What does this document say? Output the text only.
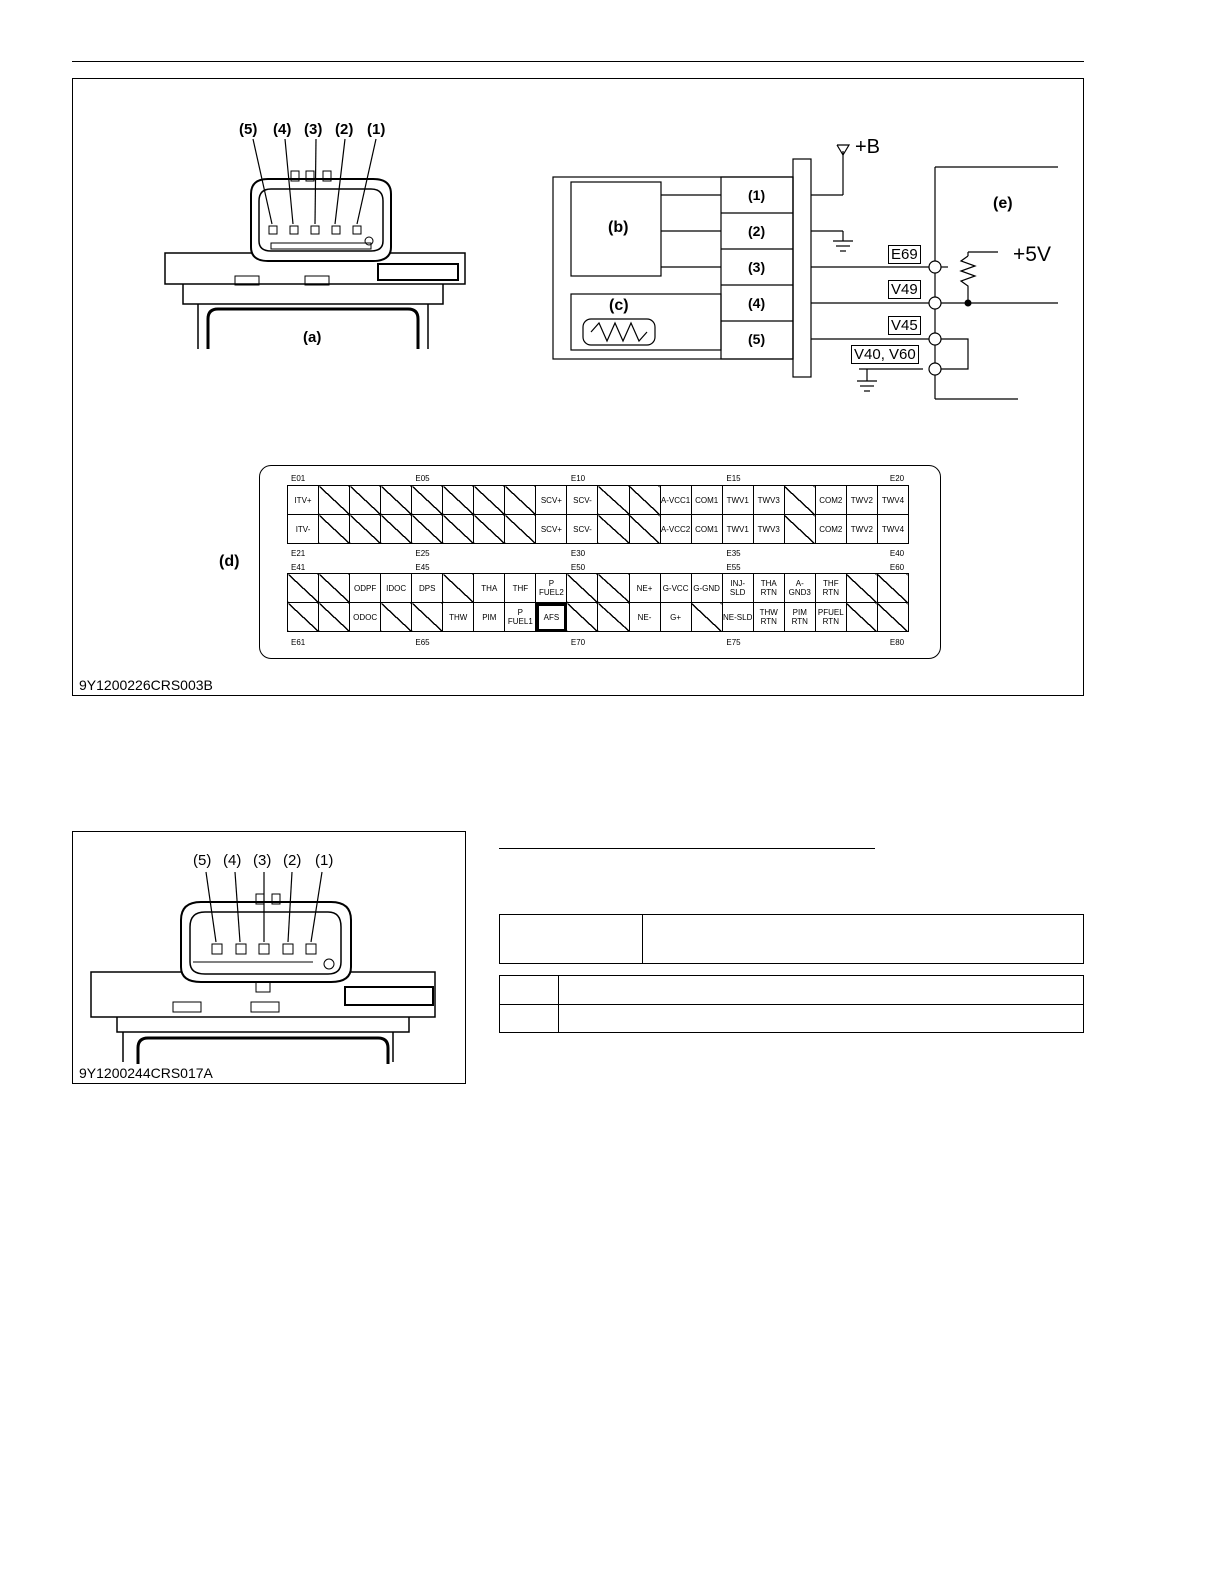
(5) (4) (3) (2) (1)
(a)
(b)
(c)
(e)
(1)
(2)
(3)
(4)
(5)
+B
+5V
E69
V49
V45
V40, V60
(d)
ITV+								SCV+	SCV-			A-VCC1	COM1	TWV1	TWV3		COM2	TWV2	TWV4
ITV-								SCV+	SCV-			A-VCC2	COM1	TWV1	TWV3		COM2	TWV2	TWV4
		ODPF	IDOC	DPS		THA	THF	P FUEL2			NE+	G-VCC	G-GND	INJ-SLD	THA RTN	A-GND3	THF RTN		
		ODOC			THW	PIM	P FUEL1	AFS			NE-	G+		NE-SLD	THW RTN	PIM RTN	PFUEL RTN		
E01	E05	E10	E15	E20
E21	E25	E30	E35	E40
E41	E45	E50	E55	E60
E61	E65	E70	E75	E80
9Y1200226CRS003B
(5) (4) (3) (2) (1)
9Y1200244CRS017A
